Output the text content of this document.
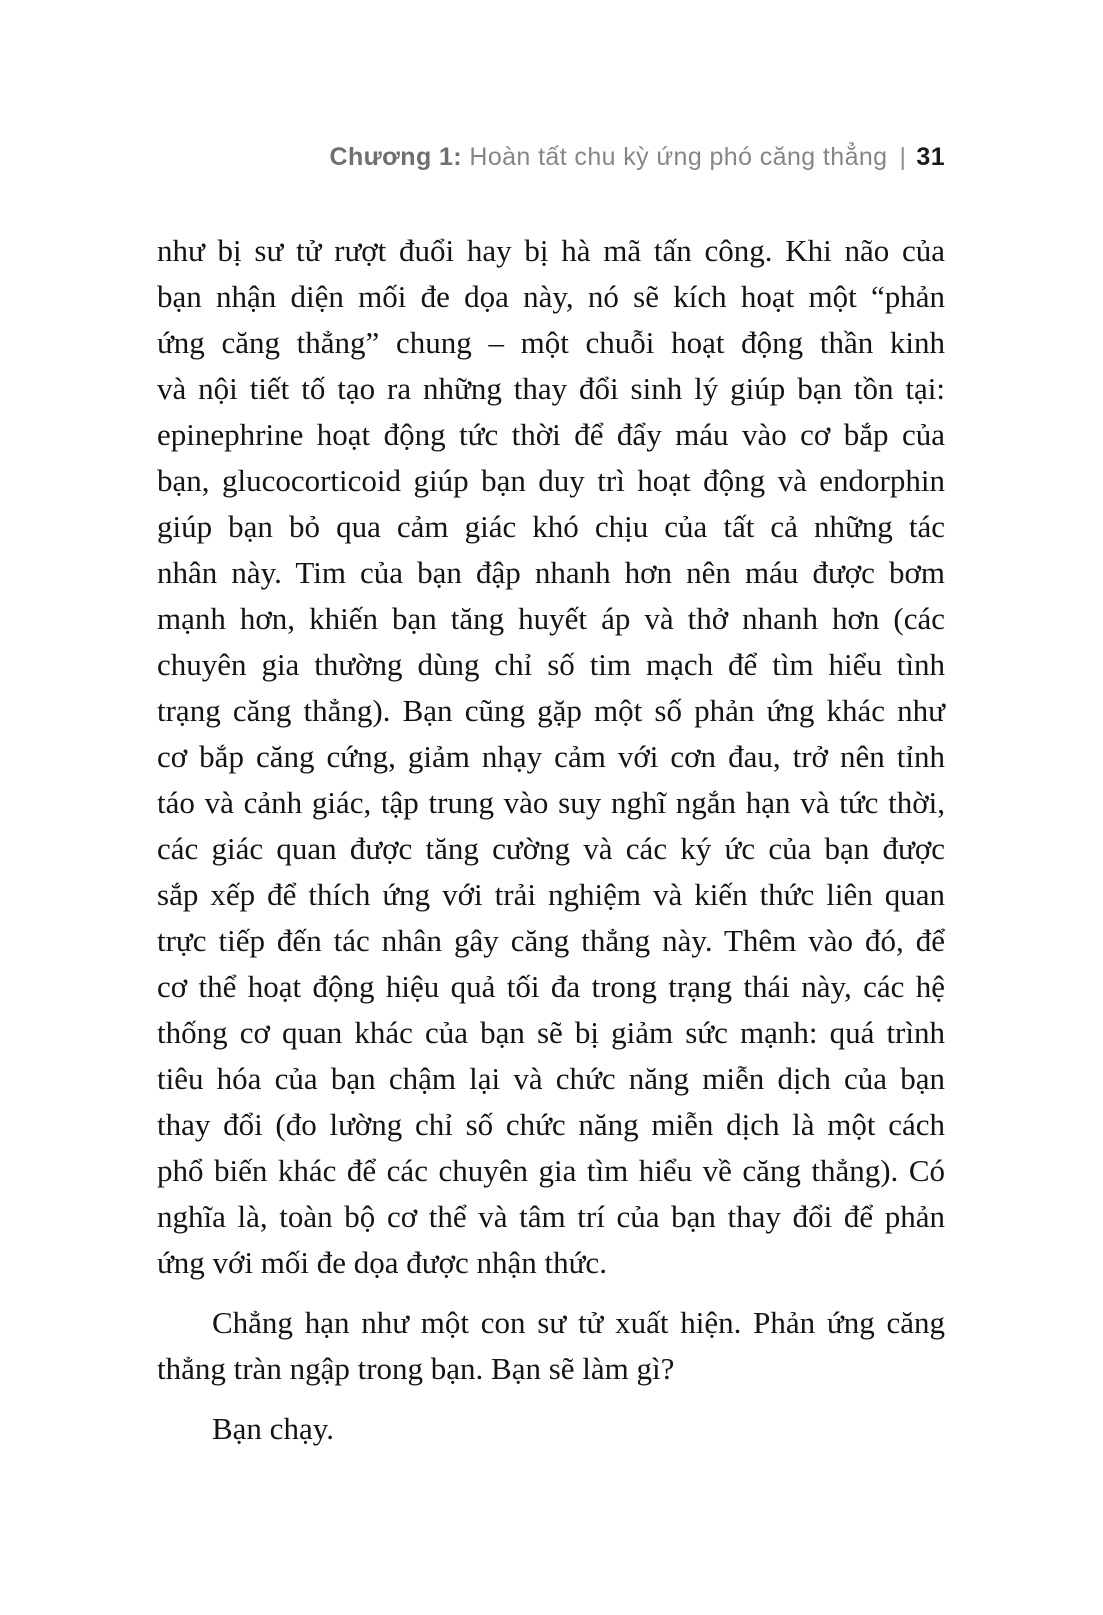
Chương 1: Hoàn tất chu kỳ ứng phó căng thẳng | 31

như bị sư tử rượt đuổi hay bị hà mã tấn công. Khi não của
bạn nhận diện mối đe dọa này, nó sẽ kích hoạt một “phản
ứng căng thẳng” chung – một chuỗi hoạt động thần kinh
và nội tiết tố tạo ra những thay đổi sinh lý giúp bạn tồn tại:
epinephrine hoạt động tức thời để đẩy máu vào cơ bắp của
bạn, glucocorticoid giúp bạn duy trì hoạt động và endorphin
giúp bạn bỏ qua cảm giác khó chịu của tất cả những tác
nhân này. Tim của bạn đập nhanh hơn nên máu được bơm
mạnh hơn, khiến bạn tăng huyết áp và thở nhanh hơn (các
chuyên gia thường dùng chỉ số tim mạch để tìm hiểu tình
trạng căng thẳng). Bạn cũng gặp một số phản ứng khác như
cơ bắp căng cứng, giảm nhạy cảm với cơn đau, trở nên tỉnh
táo và cảnh giác, tập trung vào suy nghĩ ngắn hạn và tức thời,
các giác quan được tăng cường và các ký ức của bạn được
sắp xếp để thích ứng với trải nghiệm và kiến thức liên quan
trực tiếp đến tác nhân gây căng thẳng này. Thêm vào đó, để
cơ thể hoạt động hiệu quả tối đa trong trạng thái này, các hệ
thống cơ quan khác của bạn sẽ bị giảm sức mạnh: quá trình
tiêu hóa của bạn chậm lại và chức năng miễn dịch của bạn
thay đổi (đo lường chỉ số chức năng miễn dịch là một cách
phổ biến khác để các chuyên gia tìm hiểu về căng thẳng). Có
nghĩa là, toàn bộ cơ thể và tâm trí của bạn thay đổi để phản
ứng với mối đe dọa được nhận thức.

Chẳng hạn như một con sư tử xuất hiện. Phản ứng căng
thẳng tràn ngập trong bạn. Bạn sẽ làm gì?

Bạn chạy.
